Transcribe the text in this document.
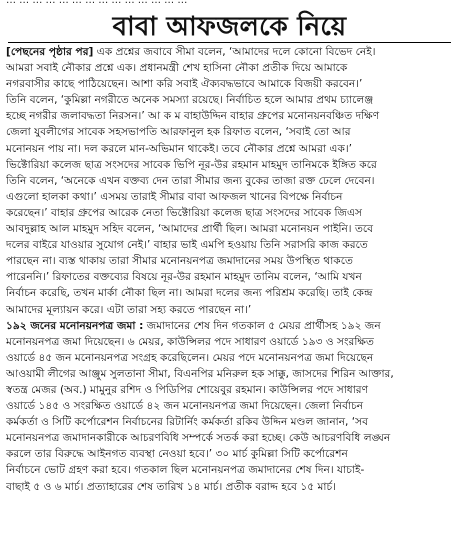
… … … … … … … … … … … … … …
বাবা আফজলকে নিয়ে

[পেছনের পৃষ্ঠার পর] এক প্রশ্নের জবাবে সীমা বলেন, ‘আমাদের দলে কোনো বিভেদ নেই।
আমরা সবাই নৌকার প্রশ্নে এক। প্রধানমন্ত্রী শেখ হাসিনা নৌকা প্রতীক দিয়ে আমাকে
নগরবাসীর কাছে পাঠিয়েছেন। আশা করি সবাই ঐক্যবদ্ধভাবে আমাকে বিজয়ী করবেন।’
তিনি বলেন, ‘কুমিল্লা নগরীতে অনেক সমস্যা রয়েছে। নির্বাচিত হলে আমার প্রথম চ্যালেঞ্জ
হচ্ছে নগরীর জলাবদ্ধতা নিরসন।’ আ ক ম বাহাউদ্দিন বাহার গ্রুপের মনোনয়নবঞ্চিত দক্ষিণ
জেলা যুবলীগের সাবেক সহসভাপতি আরফানুল হক রিফাত বলেন, ‘সবাই তো আর
মনোনয়ন পায় না। দল করলে মান-অভিমান থাকেই। তবে নৌকার প্রশ্নে আমরা এক।’
ভিক্টোরিয়া কলেজ ছাত্র সংসদের সাবেক ভিপি নূর-উর রহমান মাহমুদ তানিমকে ইঙ্গিত করে
তিনি বলেন, ‘অনেকে এখন বক্তব্য দেন তারা সীমার জন্য বুকের তাজা রক্ত ঢেলে দেবেন।
এগুলো হালকা কথা।’ এসময় তারাই সীমার বাবা আফজল খানের বিপক্ষে নির্বাচন
করেছেন।’ বাহার গ্রুপের আরেক নেতা ভিক্টোরিয়া কলেজ ছাত্র সংসদের সাবেক জিএস
আবদুল্লাহ আল মাহমুদ সহিদ বলেন, ‘আমাদের প্রার্থী ছিল। আমরা মনোনয়ন পাইনি। তবে
দলের বাইরে যাওয়ার সুযোগ নেই।’ বাহার ভাই এমপি হওয়ায় তিনি সরাসরি কাজ করতে
পারছেন না। ব্যস্ত থাকায় তারা সীমার মনোনয়নপত্র জমাদানের সময় উপস্থিত থাকতে
পারেননি।’ রিফাতের বক্তব্যের বিষয়ে নূর-উর রহমান মাহমুদ তানিম বলেন, ‘আমি যখন
নির্বাচন করেছি, তখন মার্কা নৌকা ছিল না। আমরা দলের জন্য পরিশ্রম করেছি। তাই কেন্দ্র
আমাদের মূল্যায়ন করে। এটা তারা সহ্য করতে পারছেন না।’

১৯২ জনের মনোনয়নপত্র জমা : জমাদানের শেষ দিন গতকাল ৫ মেয়র প্রার্থীসহ ১৯২ জন
মনোনয়নপত্র জমা দিয়েছেন। ৬ মেয়র, কাউন্সিলর পদে সাধারণ ওয়ার্ডে ১৯৩ ও সংরক্ষিত
ওয়ার্ডে ৪৫ জন মনোনয়নপত্র সংগ্রহ করেছিলেন। মেয়র পদে মনোনয়নপত্র জমা দিয়েছেন
আওয়ামী লীগের আঞ্জুম সুলতানা সীমা, বিএনপির মনিরুল হক সাক্কু, জাসদের শিরিন আক্তার,
স্বতন্ত্র মেজর (অব.) মামুনুর রশিদ ও পিডিপির শোয়েবুর রহমান। কাউন্সিলর পদে সাধারণ
ওয়ার্ডে ১৪৫ ও সংরক্ষিত ওয়ার্ডে ৪২ জন মনোনয়নপত্র জমা দিয়েছেন। জেলা নির্বাচন
কর্মকর্তা ও সিটি কর্পোরেশন নির্বাচনের রিটার্নিং কর্মকর্তা রকিব উদ্দিন মণ্ডল জানান, ‘সব
মনোনয়নপত্র জমাদানকারীকে আচরণবিধি সম্পর্কে সতর্ক করা হচ্ছে। কেউ আচরণবিধি লঙ্ঘন
করলে তার বিরুদ্ধে আইনগত ব্যবস্থা নেওয়া হবে।’ ৩০ মার্চ কুমিল্লা সিটি কর্পোরেশন
নির্বাচনে ভোট গ্রহণ করা হবে। গতকাল ছিল মনোনয়নপত্র জমাদানের শেষ দিন। যাচাই-
বাছাই ৫ ও ৬ মার্চ। প্রত্যাহারের শেষ তারিখ ১৪ মার্চ। প্রতীক বরাদ্দ হবে ১৫ মার্চ।
